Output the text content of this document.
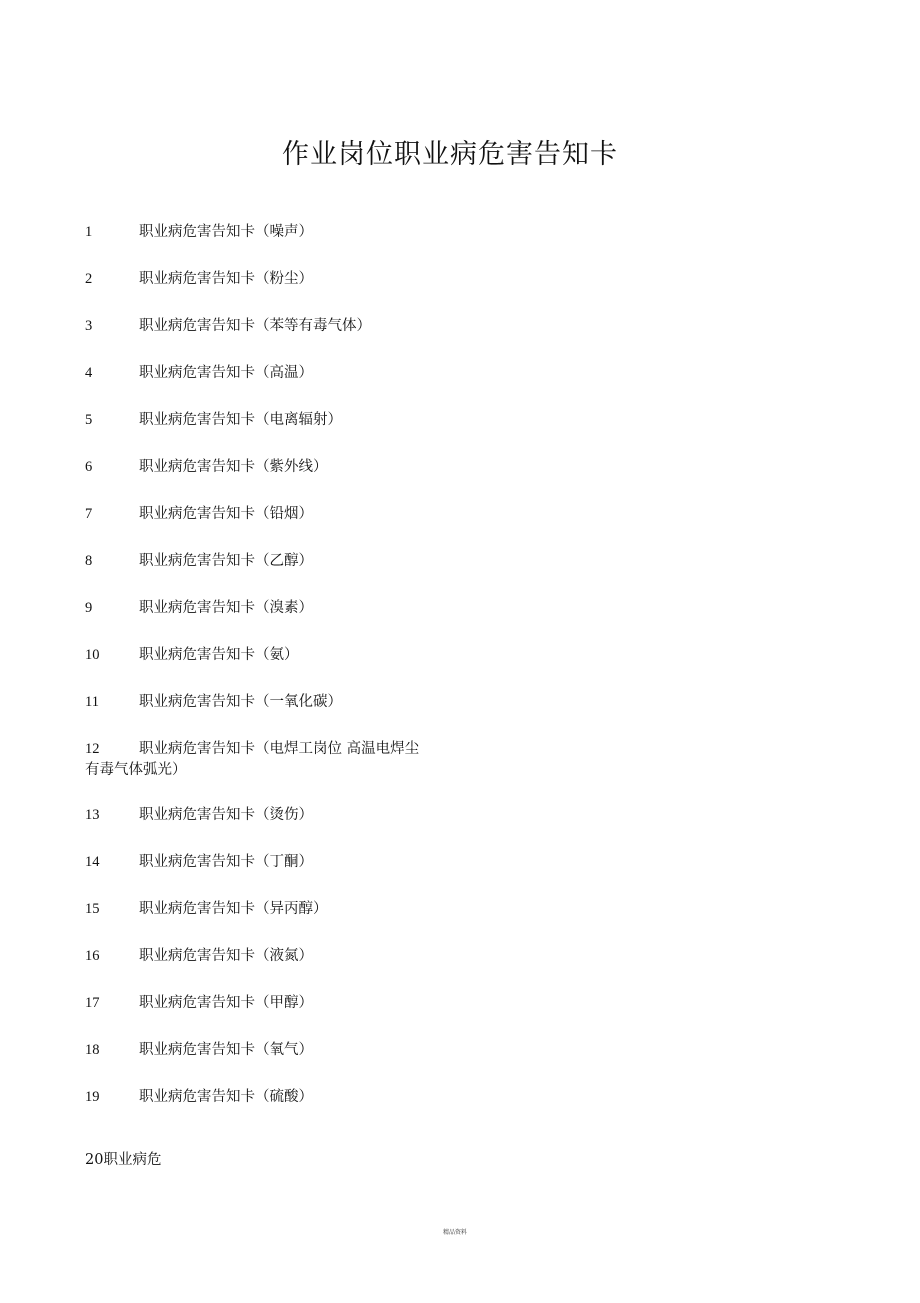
作业岗位职业病危害告知卡
1	职业病危害告知卡（噪声）
2	职业病危害告知卡（粉尘）
3	职业病危害告知卡（苯等有毒气体）
4	职业病危害告知卡（高温）
5	职业病危害告知卡（电离辐射）
6	职业病危害告知卡（紫外线）
7	职业病危害告知卡（铅烟）
8	职业病危害告知卡（乙醇）
9	职业病危害告知卡（溴素）
10	职业病危害告知卡（氨）
11	职业病危害告知卡（一氧化碳）
12	职业病危害告知卡（电焊工岗位 高温电焊尘
有毒气体弧光）
13	职业病危害告知卡（烫伤）
14	职业病危害告知卡（丁酮）
15	职业病危害告知卡（异丙醇）
16	职业病危害告知卡（液氮）
17	职业病危害告知卡（甲醇）
18	职业病危害告知卡（氧气）
19	职业病危害告知卡（硫酸）
20职业病危
精品资料
